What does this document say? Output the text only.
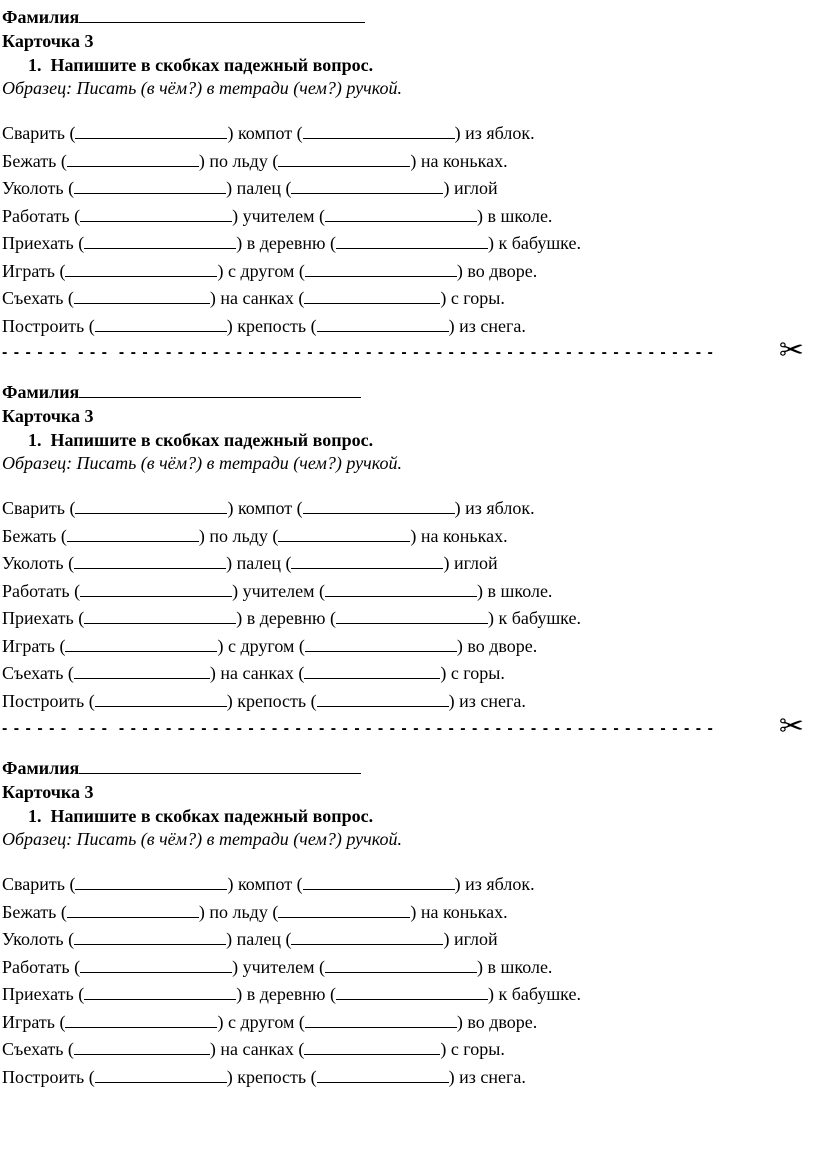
Фамилия
Карточка 3
1.  Напишите в скобках падежный вопрос.
Образец: Писать (в чём?) в тетради (чем?) ручкой.
Сварить (	) компот (	) из яблок.
Бежать (	) по льду (	) на коньках.
Уколоть (	) палец (	) иглой
Работать (	) учителем (	) в школе.
Приехать (	) в деревню (	) к бабушке.
Играть (	) с другом (	) во дворе.
Съехать (	) на санках (	) с горы.
Построить (	) крепость (	) из снега.
- - - - - -  - - -  - - - - - - - - - - - - - - - - - - - - - - - - - - - - - - - - - - - - - - - - - - - - - - - - - - - ✂
Фамилия
Карточка 3
1.  Напишите в скобках падежный вопрос.
Образец: Писать (в чём?) в тетради (чем?) ручкой.
Сварить (	) компот (	) из яблок.
Бежать (	) по льду (	) на коньках.
Уколоть (	) палец (	) иглой
Работать (	) учителем (	) в школе.
Приехать (	) в деревню (	) к бабушке.
Играть (	) с другом (	) во дворе.
Съехать (	) на санках (	) с горы.
Построить (	) крепость (	) из снега.
- - - - - -  - - -  - - - - - - - - - - - - - - - - - - - - - - - - - - - - - - - - - - - - - - - - - - - - - - - - - - - ✂
Фамилия
Карточка 3
1.  Напишите в скобках падежный вопрос.
Образец: Писать (в чём?) в тетради (чем?) ручкой.
Сварить (	) компот (	) из яблок.
Бежать (	) по льду (	) на коньках.
Уколоть (	) палец (	) иглой
Работать (	) учителем (	) в школе.
Приехать (	) в деревню (	) к бабушке.
Играть (	) с другом (	) во дворе.
Съехать (	) на санках (	) с горы.
Построить (	) крепость (	) из снега.
